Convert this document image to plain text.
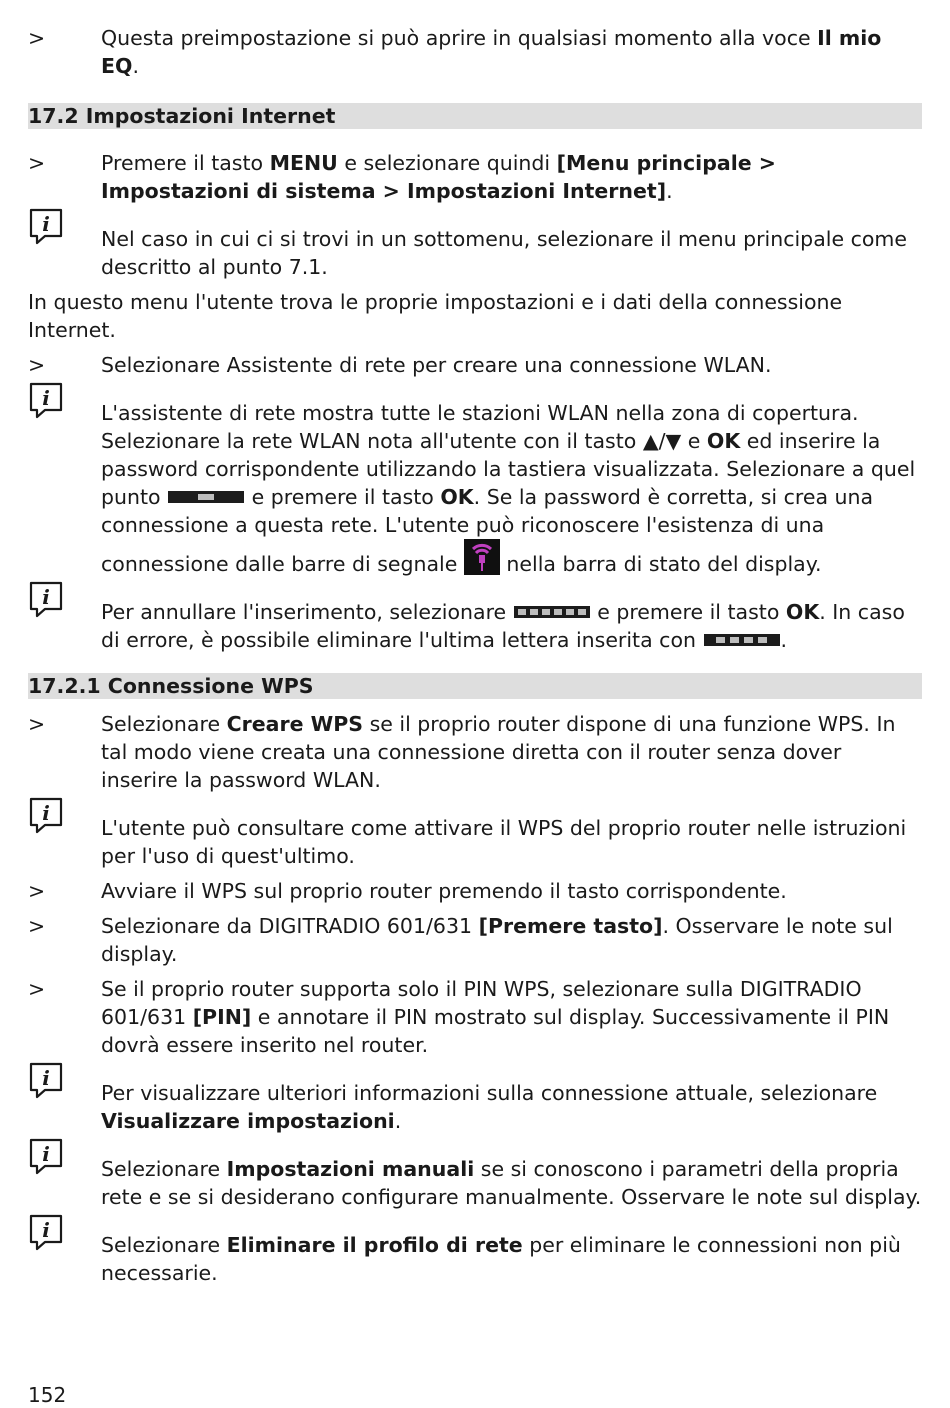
>	Questa preimpostazione si può aprire in qualsiasi momento alla voce Il mio EQ.
17.2 Impostazioni Internet
>	Premere il tasto MENU e selezionare quindi [Menu principale > Impostazioni di sistema > Impostazioni Internet].
i
Nel caso in cui ci si trovi in un sottomenu, selezionare il menu principale come descritto al punto 7.1.
In questo menu l'utente trova le proprie impostazioni e i dati della connessione Internet.
>	Selezionare Assistente di rete per creare una connessione WLAN.
i
L'assistente di rete mostra tutte le stazioni WLAN nella zona di copertura. Selezionare la rete WLAN nota all'utente con il tasto ▲/▼ e OK ed inserire la password corrispondente utilizzando la tastiera visualizzata. Selezionare a quel punto	e premere il tasto OK. Se la password è corretta, si crea una connessione a questa rete. L'utente può riconoscere l'esistenza di una connessione dalle barre di segnale  nella barra di stato del display.
i
Per annullare l'inserimento, selezionare	e premere il tasto OK. In caso di errore, è possibile eliminare l'ultima lettera inserita con	.
17.2.1 Connessione WPS
>	Selezionare Creare WPS se il proprio router dispone di una funzione WPS. In tal modo viene creata una connessione diretta con il router senza dover inserire la password WLAN.
i
L'utente può consultare come attivare il WPS del proprio router nelle istruzioni per l'uso di quest'ultimo.
>	Avviare il WPS sul proprio router premendo il tasto corrispondente.
>	Selezionare da DIGITRADIO 601/631 [Premere tasto]. Osservare le note sul display.
>	Se il proprio router supporta solo il PIN WPS, selezionare sulla DIGITRADIO 601/631 [PIN] e annotare il PIN mostrato sul display. Successivamente il PIN dovrà essere inserito nel router.
i
Per visualizzare ulteriori informazioni sulla connessione attuale, selezionare Visualizzare impostazioni.
i
Selezionare Impostazioni manuali se si conoscono i parametri della propria rete e se si desiderano configurare manualmente. Osservare le note sul display.
i
Selezionare Eliminare il profilo di rete per eliminare le connessioni non più necessarie.
152
